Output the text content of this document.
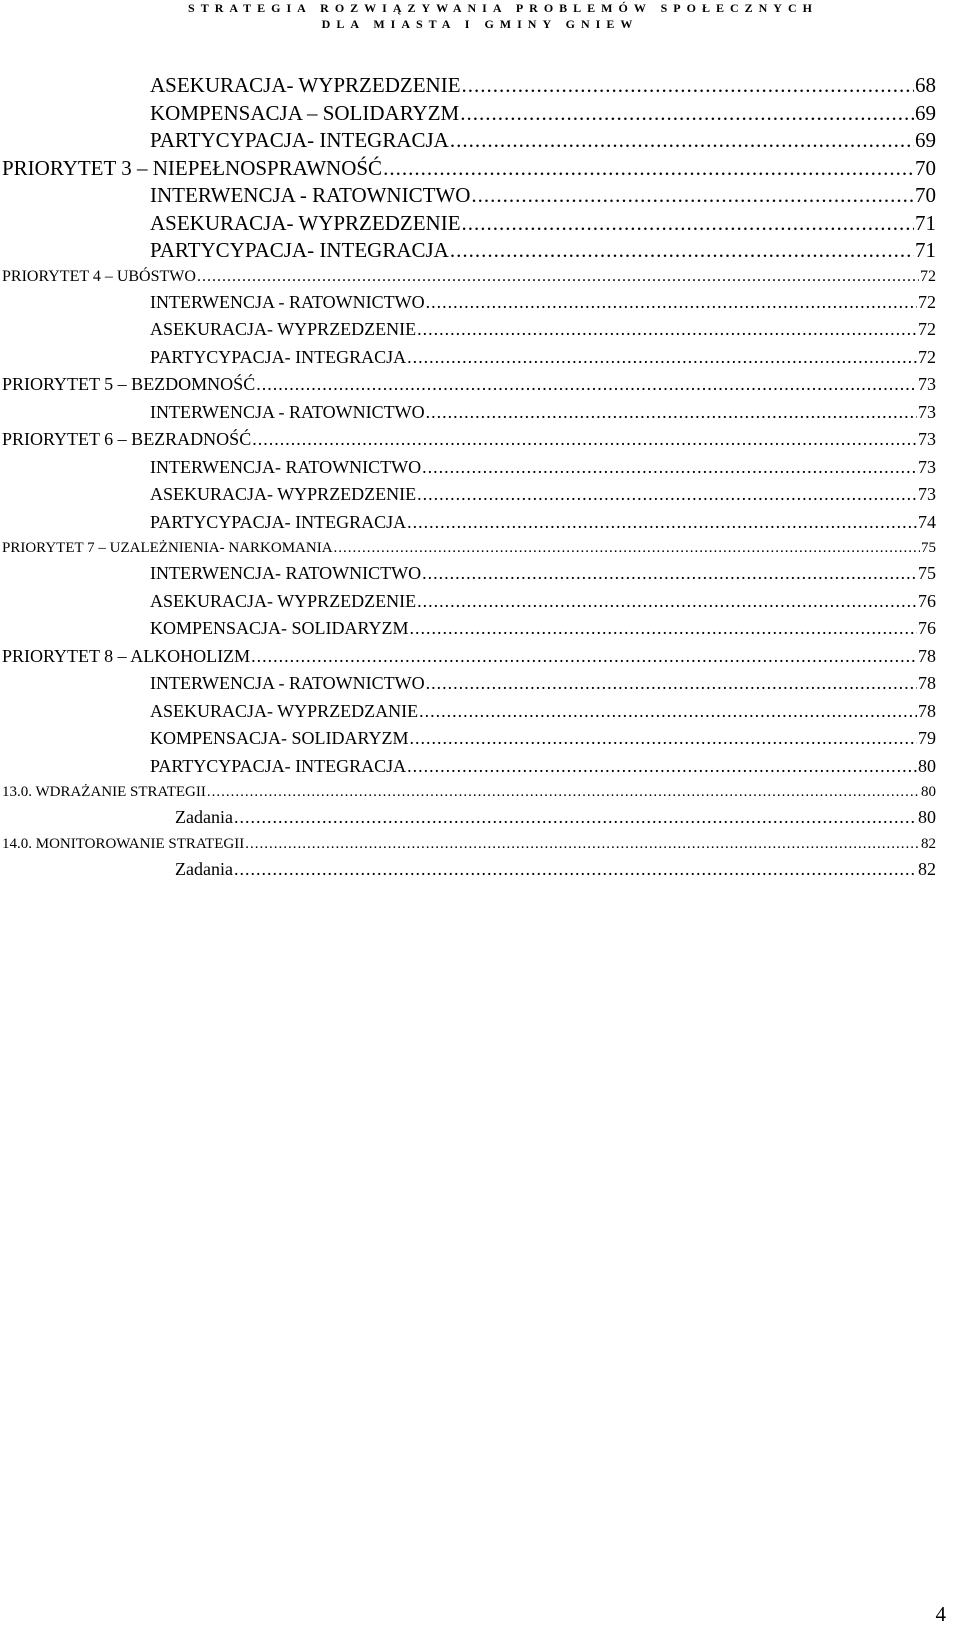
STRATEGIA ROZWIĄZYWANIA PROBLEMÓW SPOŁECZNYCH
DLA MIASTA I GMINY GNIEW
ASEKURACJA- WYPRZEDZENIE .....	68
KOMPENSACJA – SOLIDARYZM .....	69
PARTYCYPACJA- INTEGRACJA .....	69
PRIORYTET 3 – NIEPEŁNOSPRAWNOŚĆ .....	70
INTERWENCJA - RATOWNICTWO .....	70
ASEKURACJA- WYPRZEDZENIE .....	71
PARTYCYPACJA- INTEGRACJA .....	71
PRIORYTET 4 – UBÓSTWO .....	72
INTERWENCJA - RATOWNICTWO .....	72
ASEKURACJA- WYPRZEDZENIE .....	72
PARTYCYPACJA- INTEGRACJA .....	72
PRIORYTET 5 – BEZDOMNOŚĆ .....	73
INTERWENCJA - RATOWNICTWO .....	73
PRIORYTET 6 – BEZRADNOŚĆ .....	73
INTERWENCJA- RATOWNICTWO .....	73
ASEKURACJA- WYPRZEDZENIE .....	73
PARTYCYPACJA- INTEGRACJA .....	74
PRIORYTET 7 – UZALEŻNIENIA- NARKOMANIA .....	75
INTERWENCJA- RATOWNICTWO .....	75
ASEKURACJA- WYPRZEDZENIE .....	76
KOMPENSACJA- SOLIDARYZM .....	76
PRIORYTET 8 – ALKOHOLIZM .....	78
INTERWENCJA - RATOWNICTWO .....	78
ASEKURACJA- WYPRZEDZANIE .....	78
KOMPENSACJA- SOLIDARYZM .....	79
PARTYCYPACJA- INTEGRACJA .....	80
13.0. WDRAŻANIE STRATEGII .....	80
Zadania .....	80
14.0. MONITOROWANIE STRATEGII .....	82
Zadania .....	82
4
